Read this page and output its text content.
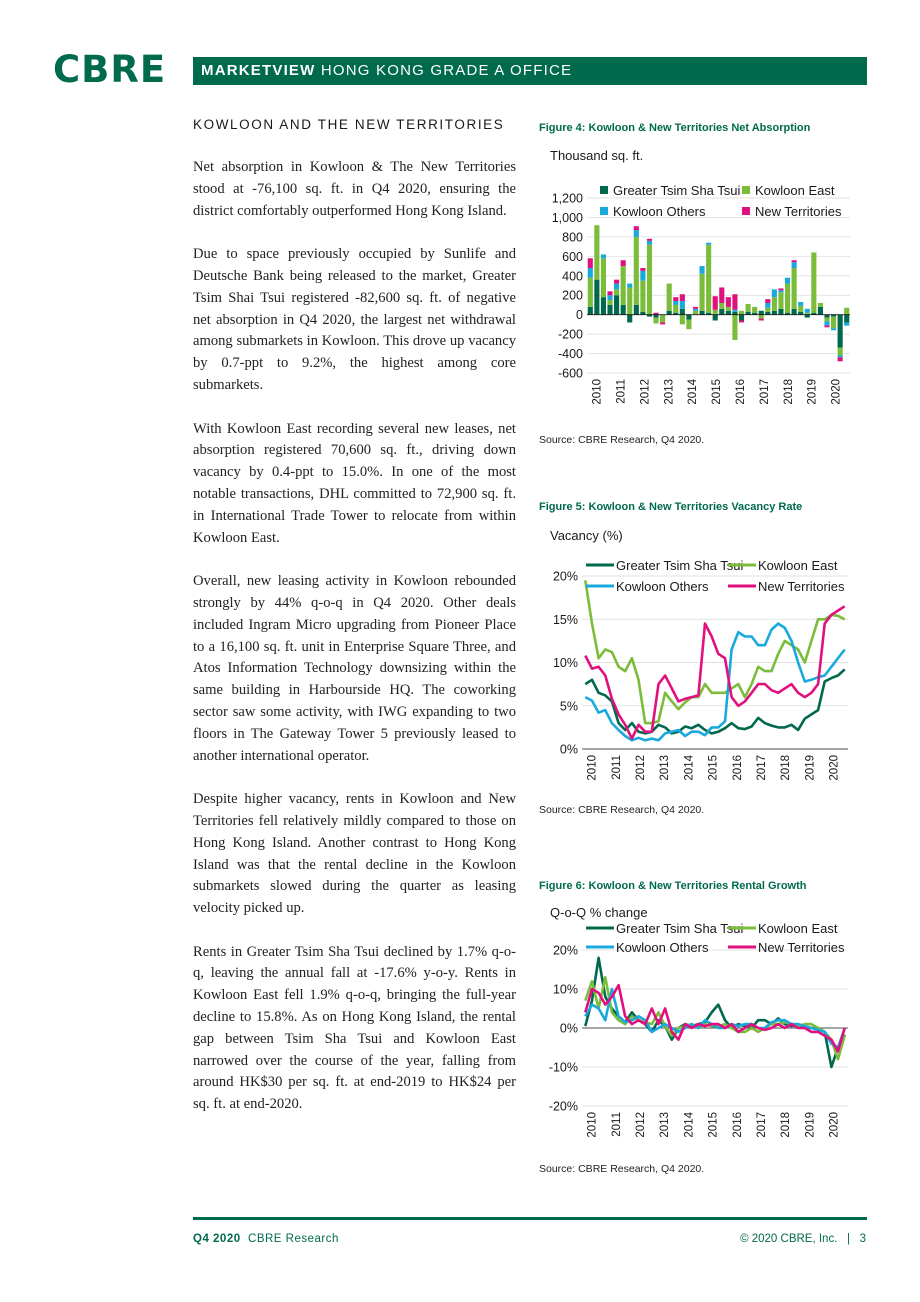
CBRE MARKETVIEW HONG KONG GRADE A OFFICE
KOWLOON AND THE NEW TERRITORIES

Net absorption in Kowloon & The New Territories stood at -76,100 sq. ft. in Q4 2020, ensuring the district comfortably outperformed Hong Kong Island.

Due to space previously occupied by Sunlife and Deutsche Bank being released to the market, Greater Tsim Shai Tsui registered -82,600 sq. ft. of negative net absorption in Q4 2020, the largest net withdrawal among submarkets in Kowloon. This drove up vacancy by 0.7-ppt to 9.2%, the highest among core submarkets.

With Kowloon East recording several new leases, net absorption registered 70,600 sq. ft., driving down vacancy by 0.4-ppt to 15.0%. In one of the most notable transactions, DHL committed to 72,900 sq. ft. in International Trade Tower to relocate from within Kowloon East.

Overall, new leasing activity in Kowloon rebounded strongly by 44% q-o-q in Q4 2020. Other deals included Ingram Micro upgrading from Pioneer Place to a 16,100 sq. ft. unit in Enterprise Square Three, and Atos Information Technology downsizing within the same building in Harbourside HQ. The coworking sector saw some activity, with IWG expanding to two floors in The Gateway Tower 5 previously leased to another international operator.

Despite higher vacancy, rents in Kowloon and New Territories fell relatively mildly compared to those on Hong Kong Island. Another contrast to Hong Kong Island was that the rental decline in the Kowloon submarkets slowed during the quarter as leasing velocity picked up.

Rents in Greater Tsim Sha Tsui declined by 1.7% q-o-q, leaving the annual fall at -17.6% y-o-y. Rents in Kowloon East fell 1.9% q-o-q, bringing the full-year decline to 15.8%. As on Hong Kong Island, the rental gap between Tsim Sha Tsui and Kowloon East narrowed over the course of the year, falling from around HK$30 per sq. ft. at end-2019 to HK$24 per sq. ft. at end-2020.

Figure 4: Kowloon & New Territories Net Absorption
Thousand sq. ft.
-600
-400
-200
0
200
400
600
800
1,000
1,200
2010 2011 2012 2013 2014 2015 2016 2017 2018 2019 2020
Greater Tsim Sha Tsui Kowloon East
Kowloon Others	New Territories
Source: CBRE Research, Q4 2020.
Figure 5: Kowloon & New Territories Vacancy Rate
Vacancy (%)
0%
5%
10%
15%
20%
2010 2011 2012 2013 2014 2015 2016 2017 2018 2019 2020
Greater Tsim Sha Tsui Kowloon East
Kowloon Others	New Territories
Source: CBRE Research, Q4 2020.
Figure 6: Kowloon & New Territories Rental Growth
Q-o-Q % change
-20%
-10%
0%
10%
20%
2010 2011 2012 2013 2014 2015 2016 2017 2018 2019 2020
Greater Tsim Sha Tsui Kowloon East
Kowloon Others	New Territories
Source: CBRE Research, Q4 2020.
Q4 2020 CBRE Research	© 2020 CBRE, Inc. | 3
